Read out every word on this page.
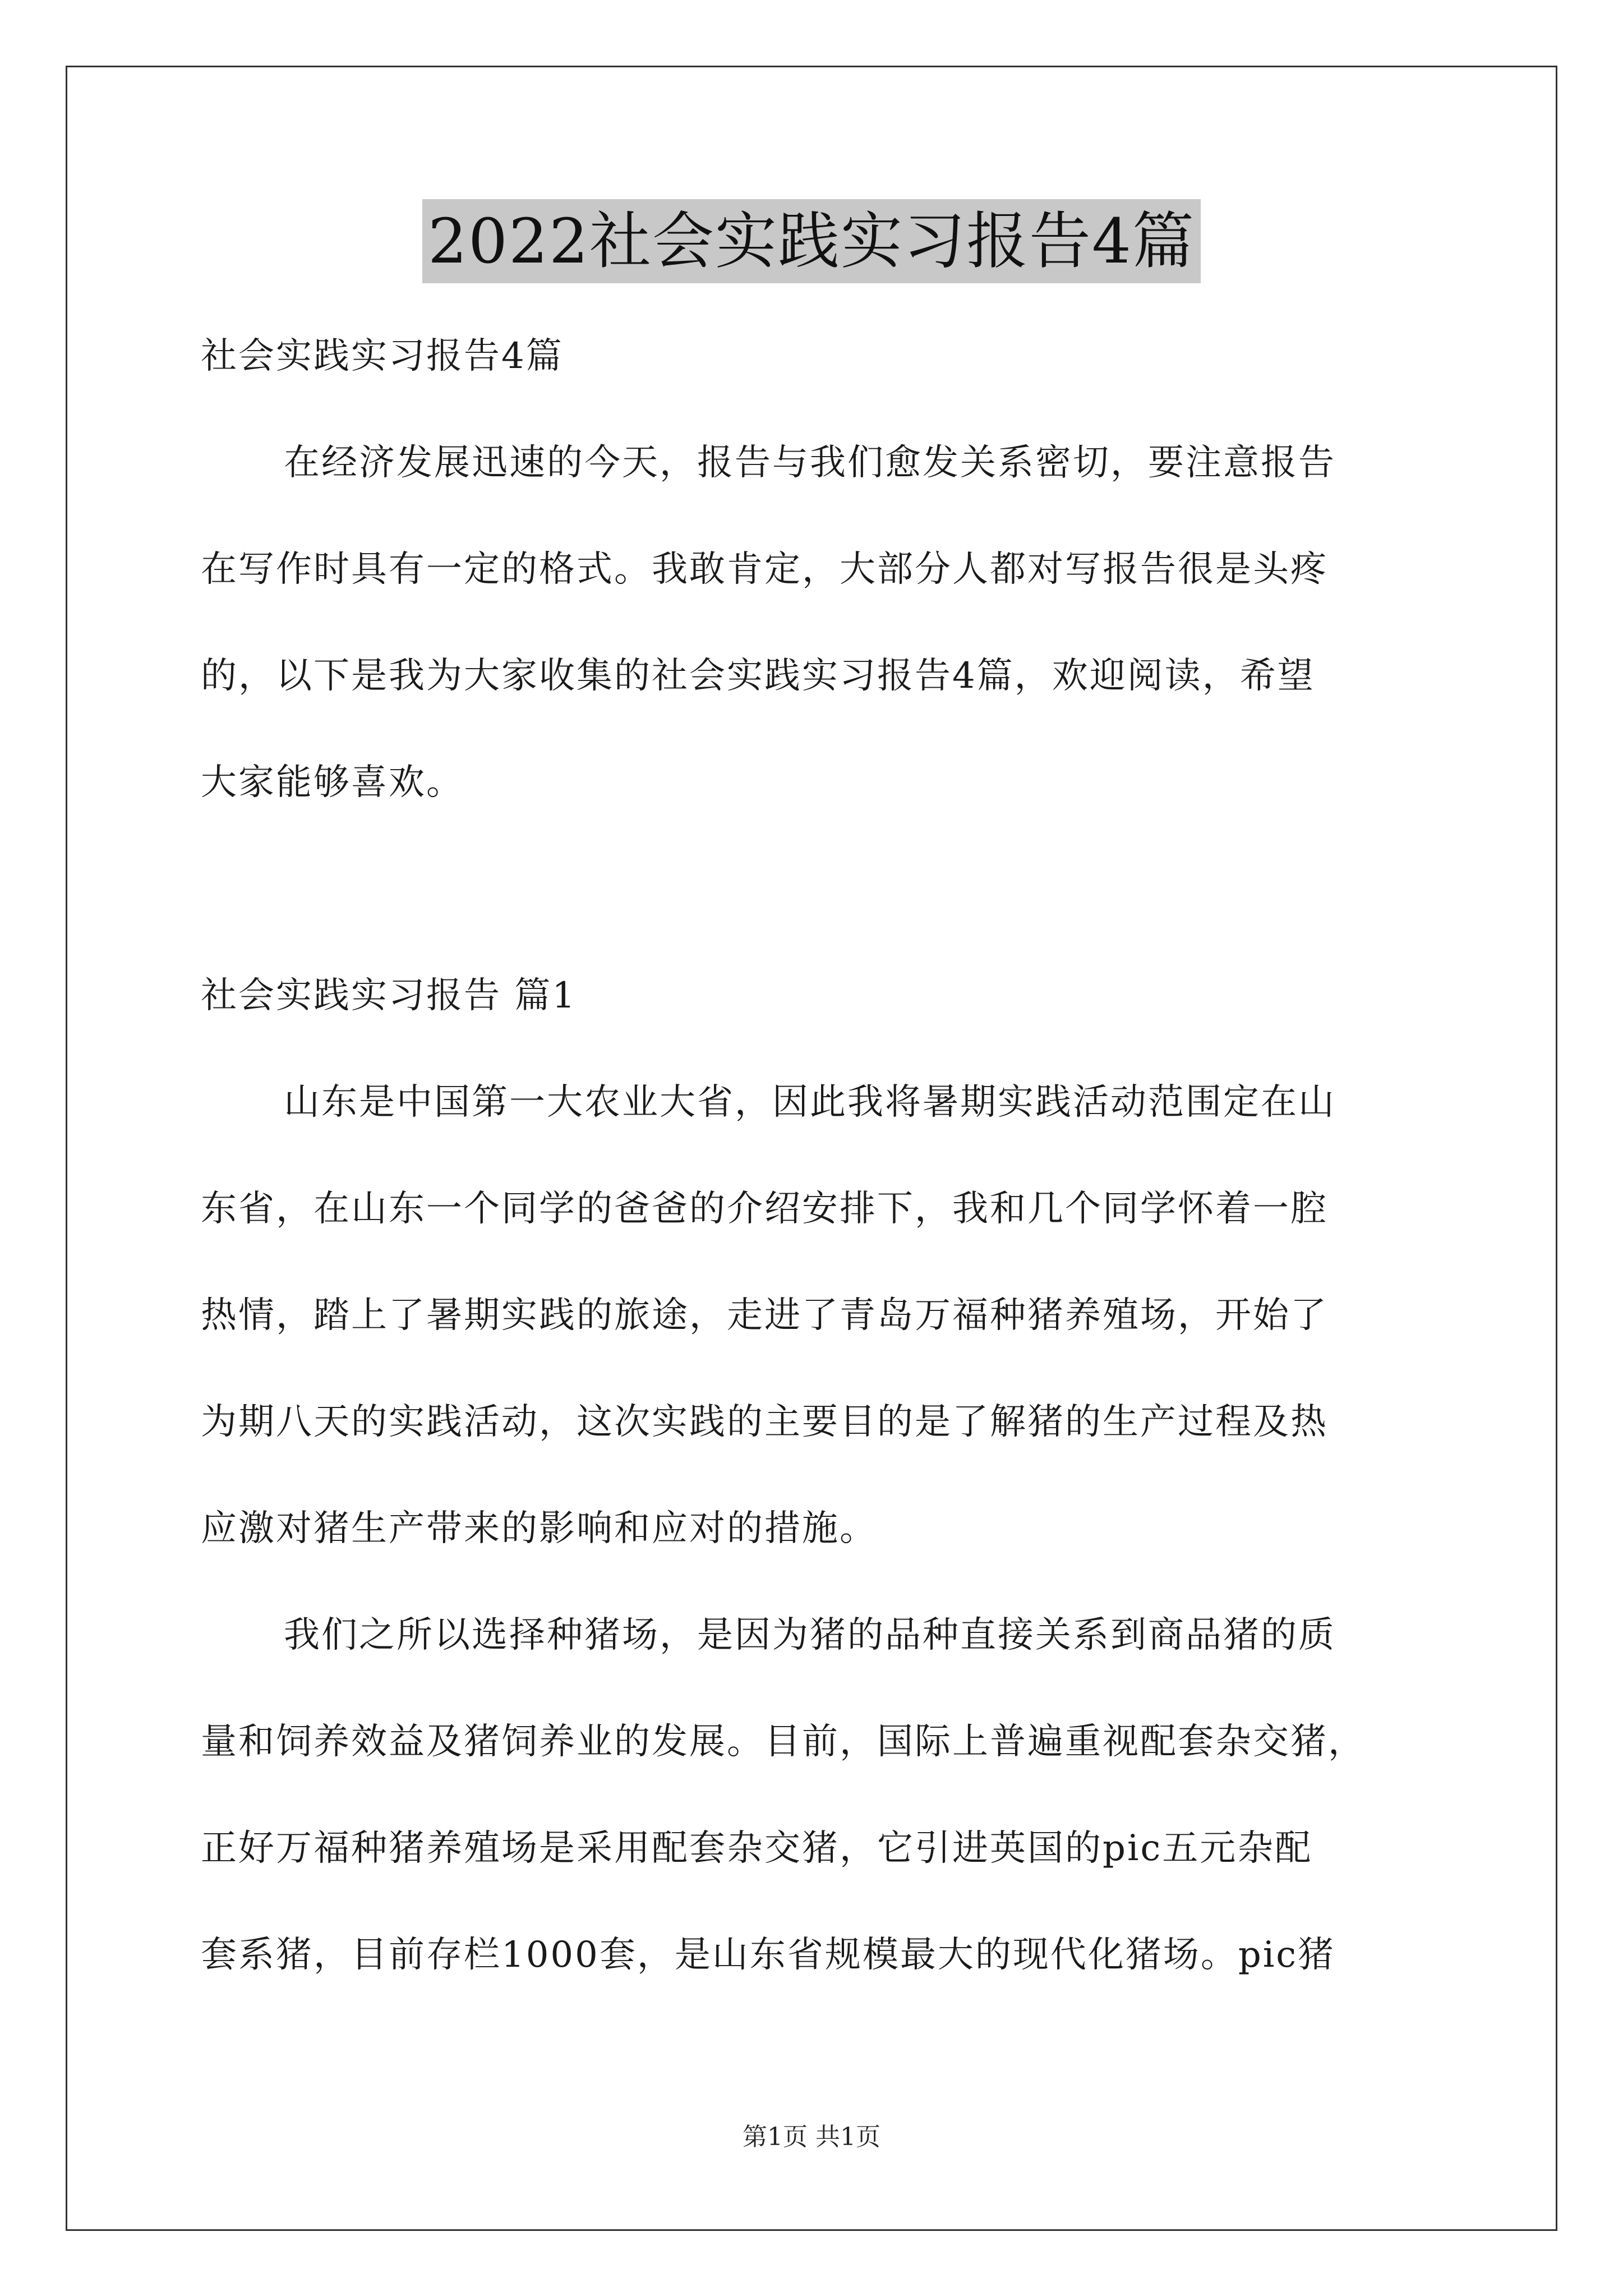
2022社会实践实习报告4篇
社会实践实习报告4篇
在经济发展迅速的今天，报告与我们愈发关系密切，要注意报告
在写作时具有一定的格式。我敢肯定，大部分人都对写报告很是头疼
的，以下是我为大家收集的社会实践实习报告4篇，欢迎阅读，希望
大家能够喜欢。
社会实践实习报告 篇1
山东是中国第一大农业大省，因此我将暑期实践活动范围定在山
东省，在山东一个同学的爸爸的介绍安排下，我和几个同学怀着一腔
热情，踏上了暑期实践的旅途，走进了青岛万福种猪养殖场，开始了
为期八天的实践活动，这次实践的主要目的是了解猪的生产过程及热
应激对猪生产带来的影响和应对的措施。
我们之所以选择种猪场，是因为猪的品种直接关系到商品猪的质
量和饲养效益及猪饲养业的发展。目前，国际上普遍重视配套杂交猪，
正好万福种猪养殖场是采用配套杂交猪，它引进英国的pic五元杂配
套系猪，目前存栏1000套，是山东省规模最大的现代化猪场。pic猪
第1页 共1页
